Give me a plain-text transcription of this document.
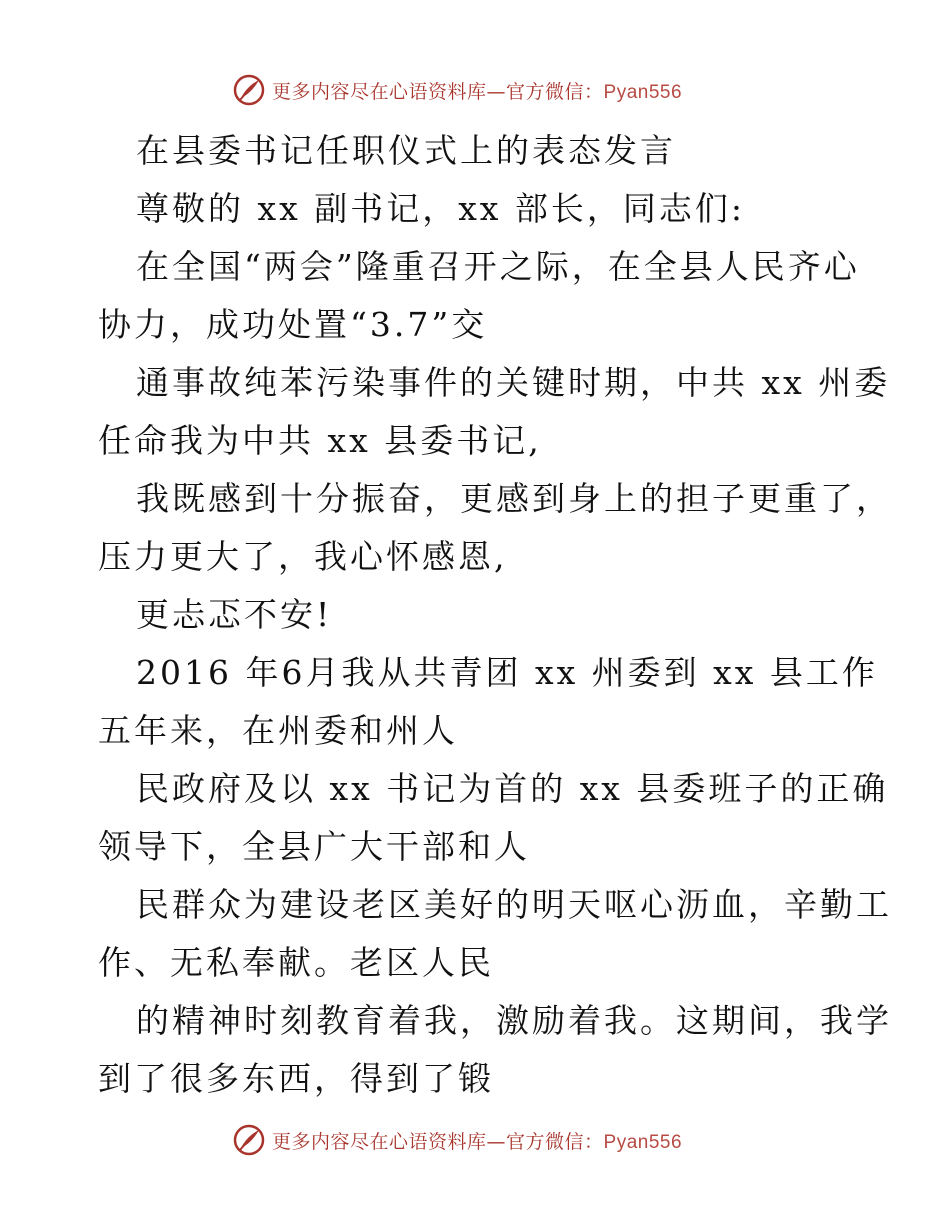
更多内容尽在心语资料库—官方微信：Pyan556
在县委书记任职仪式上的表态发言
尊敬的 xx 副书记，xx 部长，同志们:
在全国“两会”隆重召开之际，在全县人民齐心
协力，成功处置“3.7”交
通事故纯苯污染事件的关键时期，中共 xx 州委
任命我为中共 xx 县委书记,
我既感到十分振奋，更感到身上的担子更重了，
压力更大了，我心怀感恩,
更忐忑不安!
2016 年6月我从共青团 xx 州委到 xx 县工作
五年来，在州委和州人
民政府及以 xx 书记为首的 xx 县委班子的正确
领导下，全县广大干部和人
民群众为建设老区美好的明天呕心沥血，辛勤工
作、无私奉献。老区人民
的精神时刻教育着我，激励着我。这期间，我学
到了很多东西，得到了锻
更多内容尽在心语资料库—官方微信：Pyan556
